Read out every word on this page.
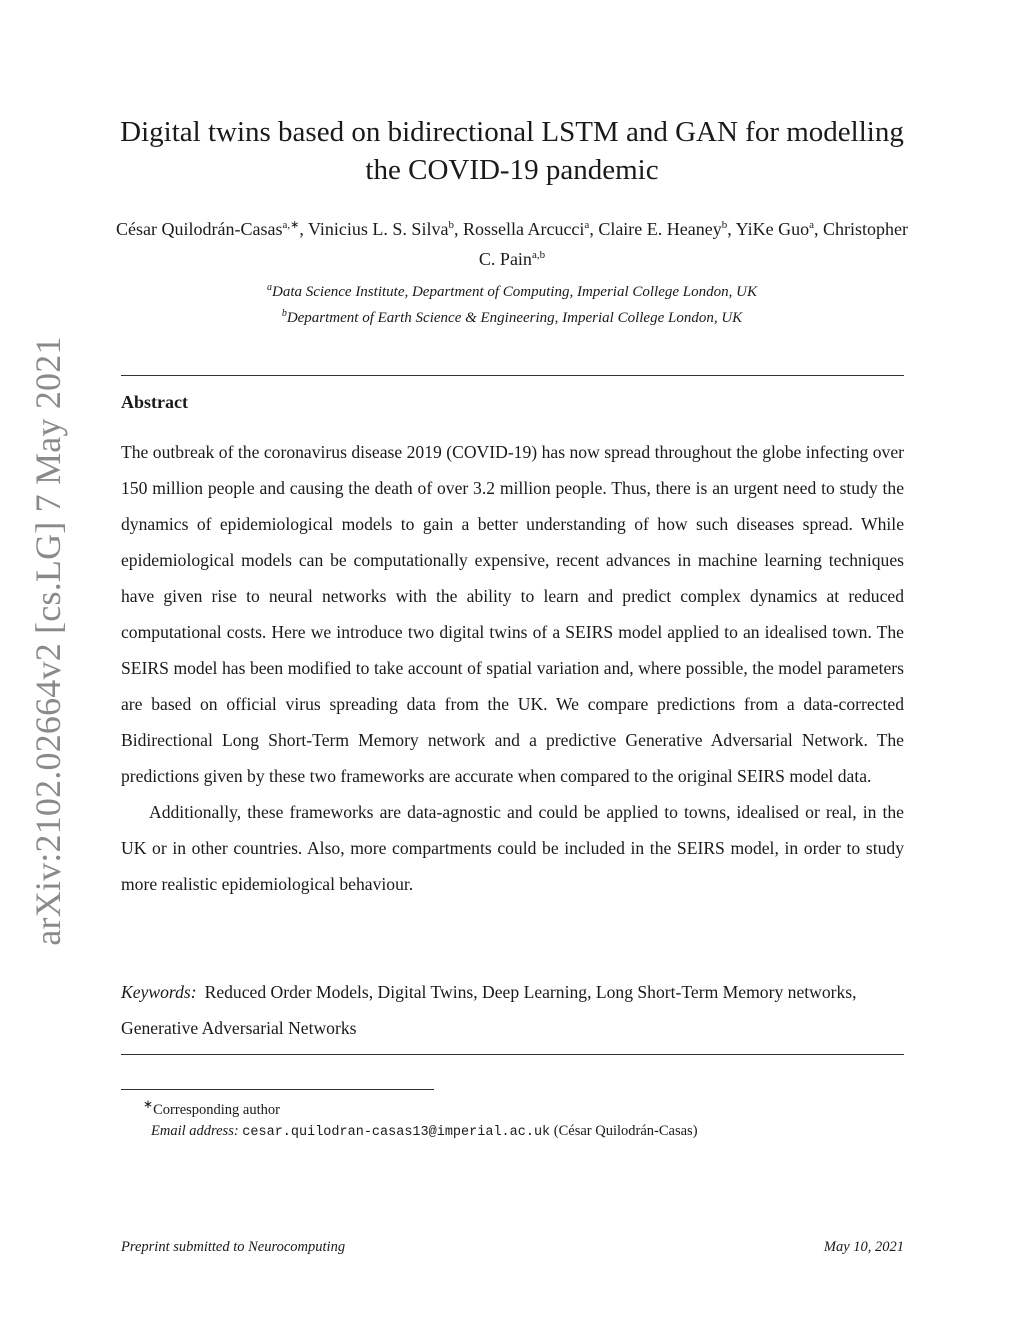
arXiv:2102.02664v2 [cs.LG] 7 May 2021
Digital twins based on bidirectional LSTM and GAN for modelling
the COVID-19 pandemic
César Quilodrán-Casas$^{a,∗}$, Vinicius L. S. Silva$^b$, Rossella Arcucci$^a$, Claire E. Heaney$^b$, YiKe Guo$^a$, Christopher C. Pain$^{a,b}$
$^a$Data Science Institute, Department of Computing, Imperial College London, UK
$^b$Department of Earth Science & Engineering, Imperial College London, UK
Abstract

The outbreak of the coronavirus disease 2019 (COVID-19) has now spread throughout the globe infecting over 150 million people and causing the death of over 3.2 million people. Thus, there is an urgent need to study the dynamics of epidemiological models to gain a better understanding of how such diseases spread. While epidemiological models can be computationally expensive, recent advances in machine learning techniques have given rise to neural networks with the ability to learn and predict complex dynamics at reduced computational costs. Here we introduce two digital twins of a SEIRS model applied to an idealised town. The SEIRS model has been modified to take account of spatial variation and, where possible, the model parameters are based on official virus spreading data from the UK. We compare predictions from a data-corrected Bidirectional Long Short-Term Memory network and a predictive Generative Adversarial Network. The predictions given by these two frameworks are accurate when compared to the original SEIRS model data.

Additionally, these frameworks are data-agnostic and could be applied to towns, idealised or real, in the UK or in other countries. Also, more compartments could be included in the SEIRS model, in order to study more realistic epidemiological behaviour.

Keywords: Reduced Order Models, Digital Twins, Deep Learning, Long Short-Term Memory networks, Generative Adversarial Networks
∗Corresponding author
Email address: cesar.quilodran-casas13@imperial.ac.uk (César Quilodrán-Casas)
Preprint submitted to Neurocomputing	May 10, 2021
